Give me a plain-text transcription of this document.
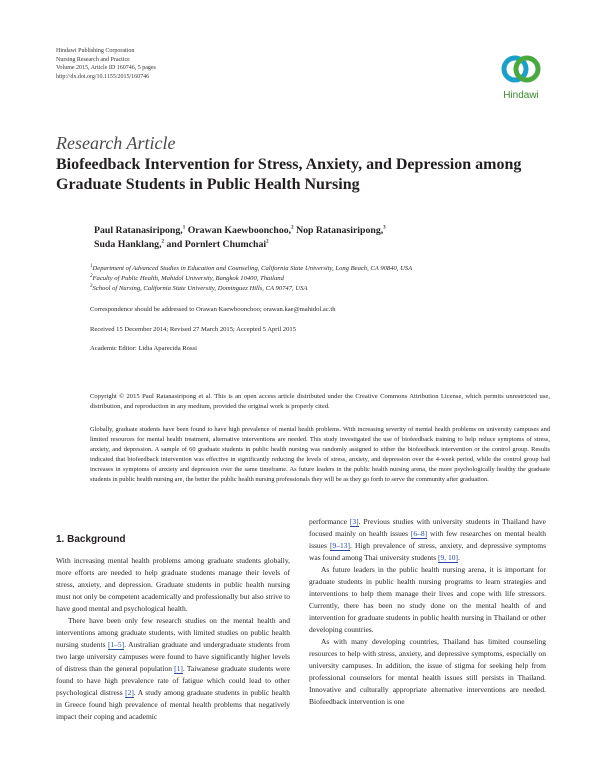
Hindawi Publishing Corporation
Nursing Research and Practice
Volume 2015, Article ID 160746, 5 pages
http://dx.doi.org/10.1155/2015/160746
Hindawi
Research Article
Biofeedback Intervention for Stress, Anxiety, and Depression among Graduate Students in Public Health Nursing
Paul Ratanasiripong,$^1$ Orawan Kaewboonchoo,$^2$ Nop Ratanasiripong,$^3$
Suda Hanklang,$^2$ and Pornlert Chumchai$^2$
$^1$Department of Advanced Studies in Education and Counseling, California State University, Long Beach, CA 90840, USA
$^2$Faculty of Public Health, Mahidol University, Bangkok 10400, Thailand
$^3$School of Nursing, California State University, Dominguez Hills, CA 90747, USA
Correspondence should be addressed to Orawan Kaewboonchoo; orawan.kae@mahidol.ac.th
Received 15 December 2014; Revised 27 March 2015; Accepted 5 April 2015
Academic Editor: Lidia Aparecida Rossi
Copyright © 2015 Paul Ratanasiripong et al. This is an open access article distributed under the Creative Commons Attribution License, which permits unrestricted use, distribution, and reproduction in any medium, provided the original work is properly cited.
Globally, graduate students have been found to have high prevalence of mental health problems. With increasing severity of mental health problems on university campuses and limited resources for mental health treatment, alternative interventions are needed. This study investigated the use of biofeedback training to help reduce symptoms of stress, anxiety, and depression. A sample of 60 graduate students in public health nursing was randomly assigned to either the biofeedback intervention or the control group. Results indicated that biofeedback intervention was effective in significantly reducing the levels of stress, anxiety, and depression over the 4-week period, while the control group had increases in symptoms of anxiety and depression over the same timeframe. As future leaders in the public health nursing arena, the more psychologically healthy the graduate students in public health nursing are, the better the public health nursing professionals they will be as they go forth to serve the community after graduation.
1. Background

With increasing mental health problems among graduate students globally, more efforts are needed to help graduate students manage their levels of stress, anxiety, and depression. Graduate students in public health nursing must not only be competent academically and professionally but also strive to have good mental and psychological health.

There have been only few research studies on the mental health and interventions among graduate students, with limited studies on public health nursing students [1–5]. Australian graduate and undergraduate students from two large university campuses were found to have significantly higher levels of distress than the general population [1]. Taiwanese graduate students were found to have high prevalence rate of fatigue which could lead to other psychological distress [2]. A study among graduate students in public health in Greece found high prevalence of mental health problems that negatively impact their coping and academic

performance [3]. Previous studies with university students in Thailand have focused mainly on health issues [6–8] with few researches on mental health issues [9–13]. High prevalence of stress, anxiety, and depressive symptoms was found among Thai university students [9, 10].

As future leaders in the public health nursing arena, it is important for graduate students in public health nursing programs to learn strategies and interventions to help them manage their lives and cope with life stressors. Currently, there has been no study done on the mental health of and intervention for graduate students in public health nursing in Thailand or other developing countries.

As with many developing countries, Thailand has limited counseling resources to help with stress, anxiety, and depressive symptoms, especially on university campuses. In addition, the issue of stigma for seeking help from professional counselors for mental health issues still persists in Thailand. Innovative and culturally appropriate alternative interventions are needed. Biofeedback intervention is one
